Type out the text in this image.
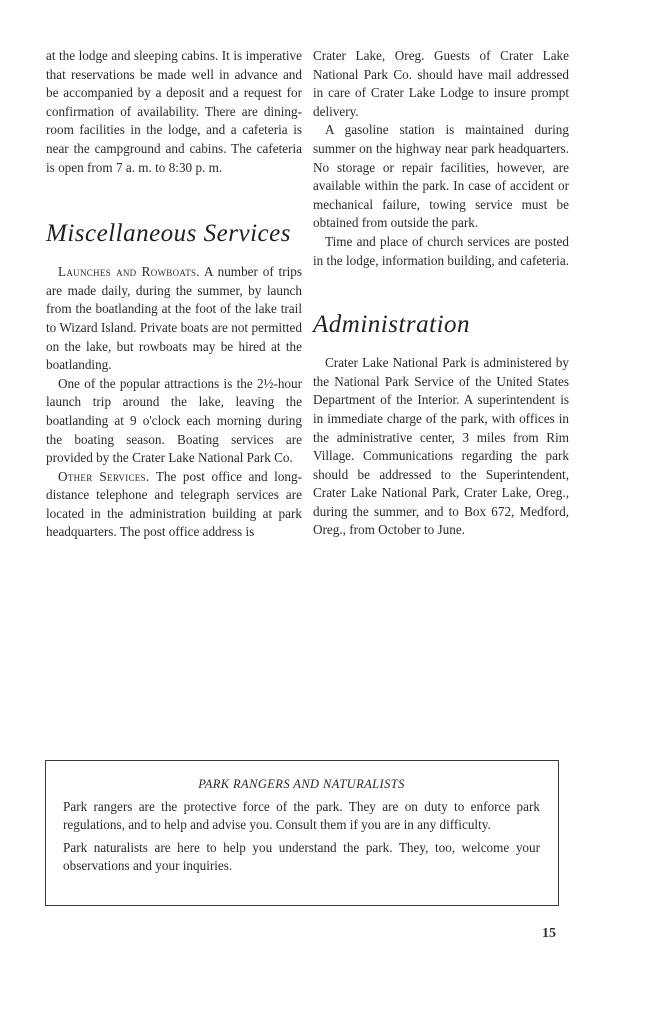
at the lodge and sleeping cabins. It is imperative that reservations be made well in advance and be accompanied by a deposit and a request for confirmation of availability. There are dining-room facilities in the lodge, and a cafeteria is near the campground and cabins. The cafeteria is open from 7 a. m. to 8:30 p. m.

Miscellaneous Services

Launches and Rowboats. A number of trips are made daily, during the summer, by launch from the boatlanding at the foot of the lake trail to Wizard Island. Private boats are not permitted on the lake, but rowboats may be hired at the boatlanding.

One of the popular attractions is the 2½-hour launch trip around the lake, leaving the boatlanding at 9 o'clock each morning during the boating season. Boating services are provided by the Crater Lake National Park Co.

Other Services. The post office and long-distance telephone and telegraph services are located in the administration building at park headquarters. The post office address is

Crater Lake, Oreg. Guests of Crater Lake National Park Co. should have mail addressed in care of Crater Lake Lodge to insure prompt delivery.

A gasoline station is maintained during summer on the highway near park headquarters. No storage or repair facilities, however, are available within the park. In case of accident or mechanical failure, towing service must be obtained from outside the park.

Time and place of church services are posted in the lodge, information building, and cafeteria.

Administration

Crater Lake National Park is administered by the National Park Service of the United States Department of the Interior. A superintendent is in immediate charge of the park, with offices in the administrative center, 3 miles from Rim Village. Communications regarding the park should be addressed to the Superintendent, Crater Lake National Park, Crater Lake, Oreg., during the summer, and to Box 672, Medford, Oreg., from October to June.

PARK RANGERS AND NATURALISTS

Park rangers are the protective force of the park. They are on duty to enforce park regulations, and to help and advise you. Consult them if you are in any difficulty.

Park naturalists are here to help you understand the park. They, too, welcome your observations and your inquiries.

15
